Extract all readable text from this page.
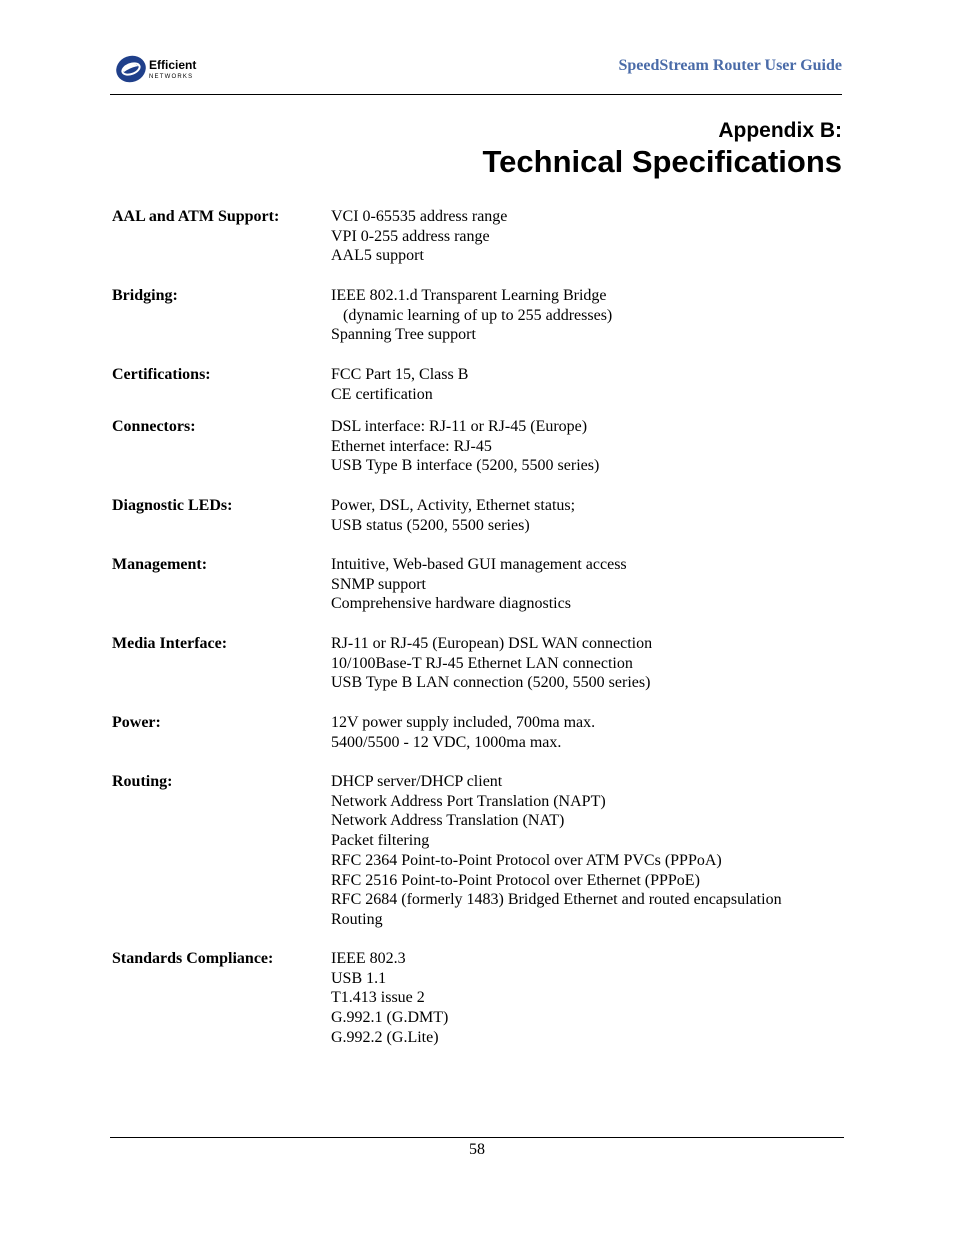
Efficient
NETWORKS
SpeedStream Router User Guide
Appendix B:
Technical Specifications
AAL and ATM Support:	VCI 0-65535 address range
VPI 0-255 address range
AAL5 support
Bridging:	IEEE 802.1.d Transparent Learning Bridge
(dynamic learning of up to 255 addresses)
Spanning Tree support
Certifications:	FCC Part 15, Class B
CE certification
Connectors:	DSL interface: RJ-11 or RJ-45 (Europe)
Ethernet interface: RJ-45
USB Type B interface (5200, 5500 series)
Diagnostic LEDs:	Power, DSL, Activity, Ethernet status;
USB status (5200, 5500 series)
Management:	Intuitive, Web-based GUI management access
SNMP support
Comprehensive hardware diagnostics
Media Interface:	RJ-11 or RJ-45 (European) DSL WAN connection
10/100Base-T RJ-45 Ethernet LAN connection
USB Type B LAN connection (5200, 5500 series)
Power:	12V power supply included, 700ma max.
5400/5500 - 12 VDC, 1000ma max.
Routing:	DHCP server/DHCP client
Network Address Port Translation (NAPT)
Network Address Translation (NAT)
Packet filtering
RFC 2364 Point-to-Point Protocol over ATM PVCs (PPPoA)
RFC 2516 Point-to-Point Protocol over Ethernet (PPPoE)
RFC 2684 (formerly 1483) Bridged Ethernet and routed encapsulation
Routing
Standards Compliance:	IEEE 802.3
USB 1.1
T1.413 issue 2
G.992.1 (G.DMT)
G.992.2 (G.Lite)
58
